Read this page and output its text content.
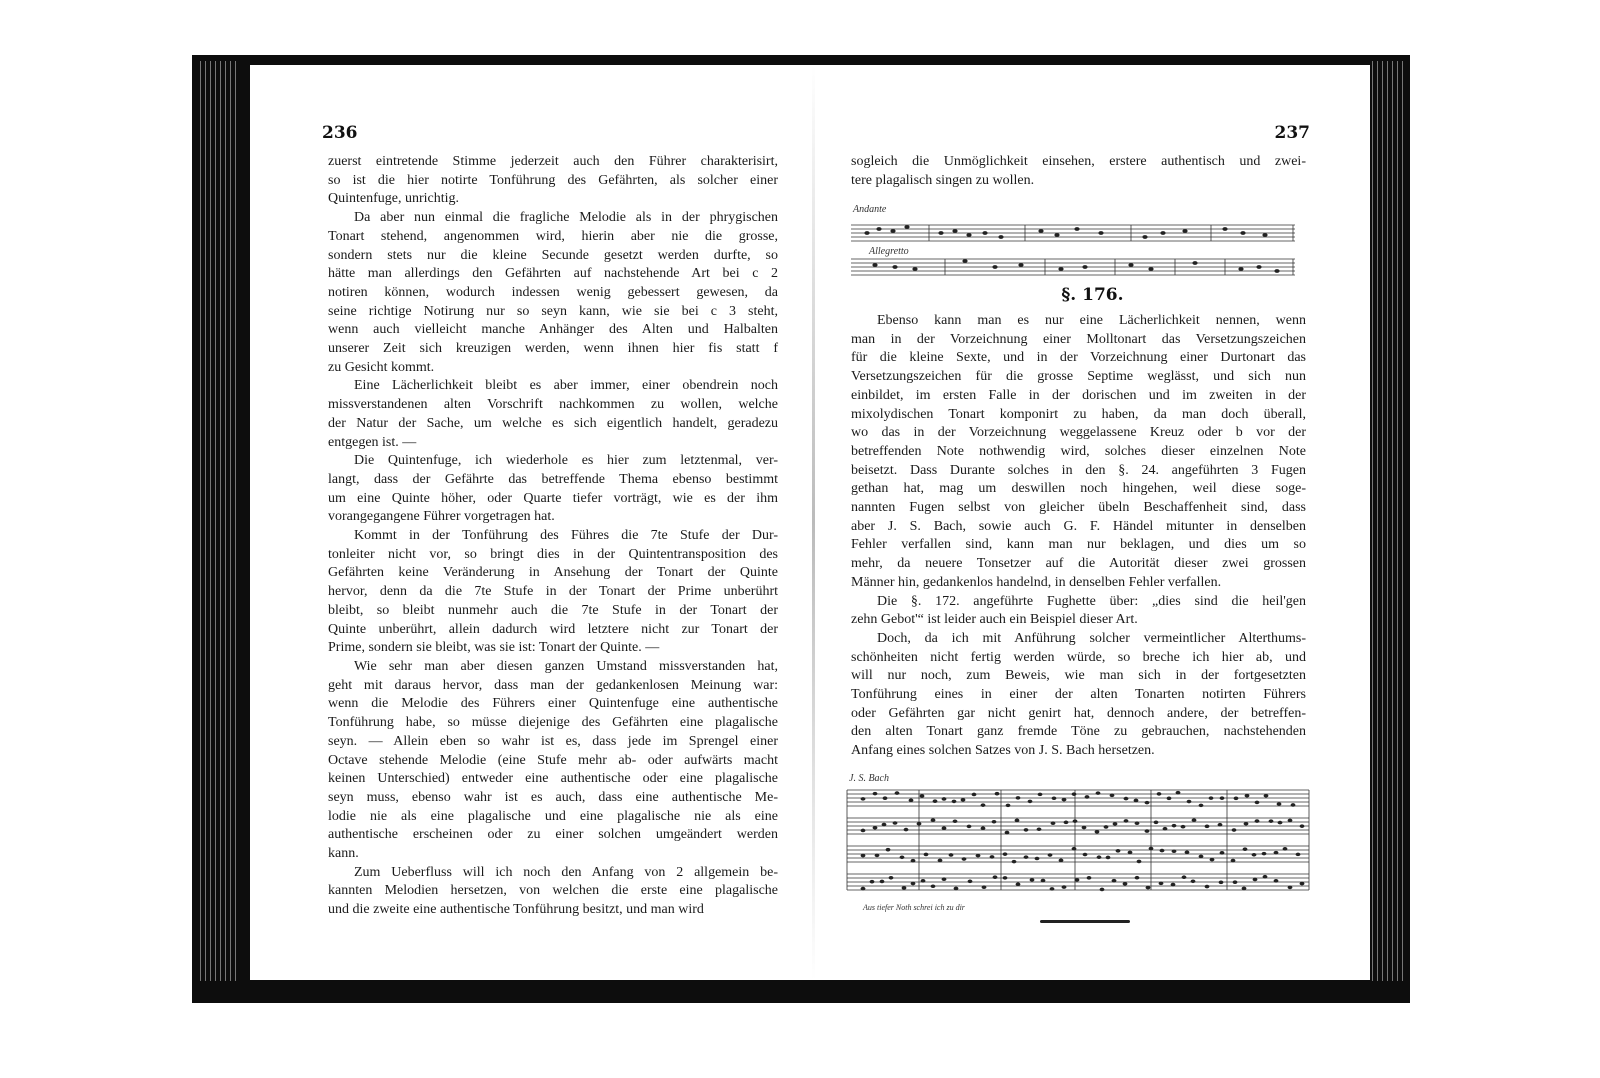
236
zuerst eintretende Stimme jederzeit auch den Führer charakterisirt,
so ist die hier notirte Tonführung des Gefährten, als solcher einer
Quintenfuge, unrichtig.
Da aber nun einmal die fragliche Melodie als in der phrygischen
Tonart stehend, angenommen wird, hierin aber nie die grosse,
sondern stets nur die kleine Secunde gesetzt werden durfte, so
hätte man allerdings den Gefährten auf nachstehende Art bei c 2
notiren können, wodurch indessen wenig gebessert gewesen, da
seine richtige Notirung nur so seyn kann, wie sie bei c 3 steht,
wenn auch vielleicht manche Anhänger des Alten und Halbalten
unserer Zeit sich kreuzigen werden, wenn ihnen hier fis statt f
zu Gesicht kommt.
Eine Lächerlichkeit bleibt es aber immer, einer obendrein noch
missverstandenen alten Vorschrift nachkommen zu wollen, welche
der Natur der Sache, um welche es sich eigentlich handelt, geradezu
entgegen ist. —
Die Quintenfuge, ich wiederhole es hier zum letztenmal, ver-
langt, dass der Gefährte das betreffende Thema ebenso bestimmt
um eine Quinte höher, oder Quarte tiefer vorträgt, wie es der ihm
vorangegangene Führer vorgetragen hat.
Kommt in der Tonführung des Führes die 7te Stufe der Dur-
tonleiter nicht vor, so bringt dies in der Quintentransposition des
Gefährten keine Veränderung in Ansehung der Tonart der Quinte
hervor, denn da die 7te Stufe in der Tonart der Prime unberührt
bleibt, so bleibt nunmehr auch die 7te Stufe in der Tonart der
Quinte unberührt, allein dadurch wird letztere nicht zur Tonart der
Prime, sondern sie bleibt, was sie ist: Tonart der Quinte. —
Wie sehr man aber diesen ganzen Umstand missverstanden hat,
geht mit daraus hervor, dass man der gedankenlosen Meinung war:
wenn die Melodie des Führers einer Quintenfuge eine authentische
Tonführung habe, so müsse diejenige des Gefährten eine plagalische
seyn. — Allein eben so wahr ist es, dass jede im Sprengel einer
Octave stehende Melodie (eine Stufe mehr ab- oder aufwärts macht
keinen Unterschied) entweder eine authentische oder eine plagalische
seyn muss, ebenso wahr ist es auch, dass eine authentische Me-
lodie nie als eine plagalische und eine plagalische nie als eine
authentische erscheinen oder zu einer solchen umgeändert werden
kann.
Zum Ueberfluss will ich noch den Anfang von 2 allgemein be-
kannten Melodien hersetzen, von welchen die erste eine plagalische
und die zweite eine authentische Tonführung besitzt, und man wird
237
sogleich die Unmöglichkeit einsehen, erstere authentisch und zwei-
tere plagalisch singen zu wollen.
Andante
Allegretto
§. 176.
Ebenso kann man es nur eine Lächerlichkeit nennen, wenn
man in der Vorzeichnung einer Molltonart das Versetzungszeichen
für die kleine Sexte, und in der Vorzeichnung einer Durtonart das
Versetzungszeichen für die grosse Septime weglässt, und sich nun
einbildet, im ersten Falle in der dorischen und im zweiten in der
mixolydischen Tonart komponirt zu haben, da man doch überall,
wo das in der Vorzeichnung weggelassene Kreuz oder b vor der
betreffenden Note nothwendig wird, solches dieser einzelnen Note
beisetzt. Dass Durante solches in den §. 24. angeführten 3 Fugen
gethan hat, mag um deswillen noch hingehen, weil diese soge-
nannten Fugen selbst von gleicher übeln Beschaffenheit sind, dass
aber J. S. Bach, sowie auch G. F. Händel mitunter in denselben
Fehler verfallen sind, kann man nur beklagen, und dies um so
mehr, da neuere Tonsetzer auf die Autorität dieser zwei grossen
Männer hin, gedankenlos handelnd, in denselben Fehler verfallen.
Die §. 172. angeführte Fughette über: „dies sind die heil'gen
zehn Gebot'“ ist leider auch ein Beispiel dieser Art.
Doch, da ich mit Anführung solcher vermeintlicher Alterthums-
schönheiten nicht fertig werden würde, so breche ich hier ab, und
will nur noch, zum Beweis, wie man sich in der fortgesetzten
Tonführung eines in einer der alten Tonarten notirten Führers
oder Gefährten gar nicht genirt hat, dennoch andere, der betreffen-
den alten Tonart ganz fremde Töne zu gebrauchen, nachstehenden
Anfang eines solchen Satzes von J. S. Bach hersetzen.
J. S. Bach
Aus tiefer Noth schrei ich zu dir
